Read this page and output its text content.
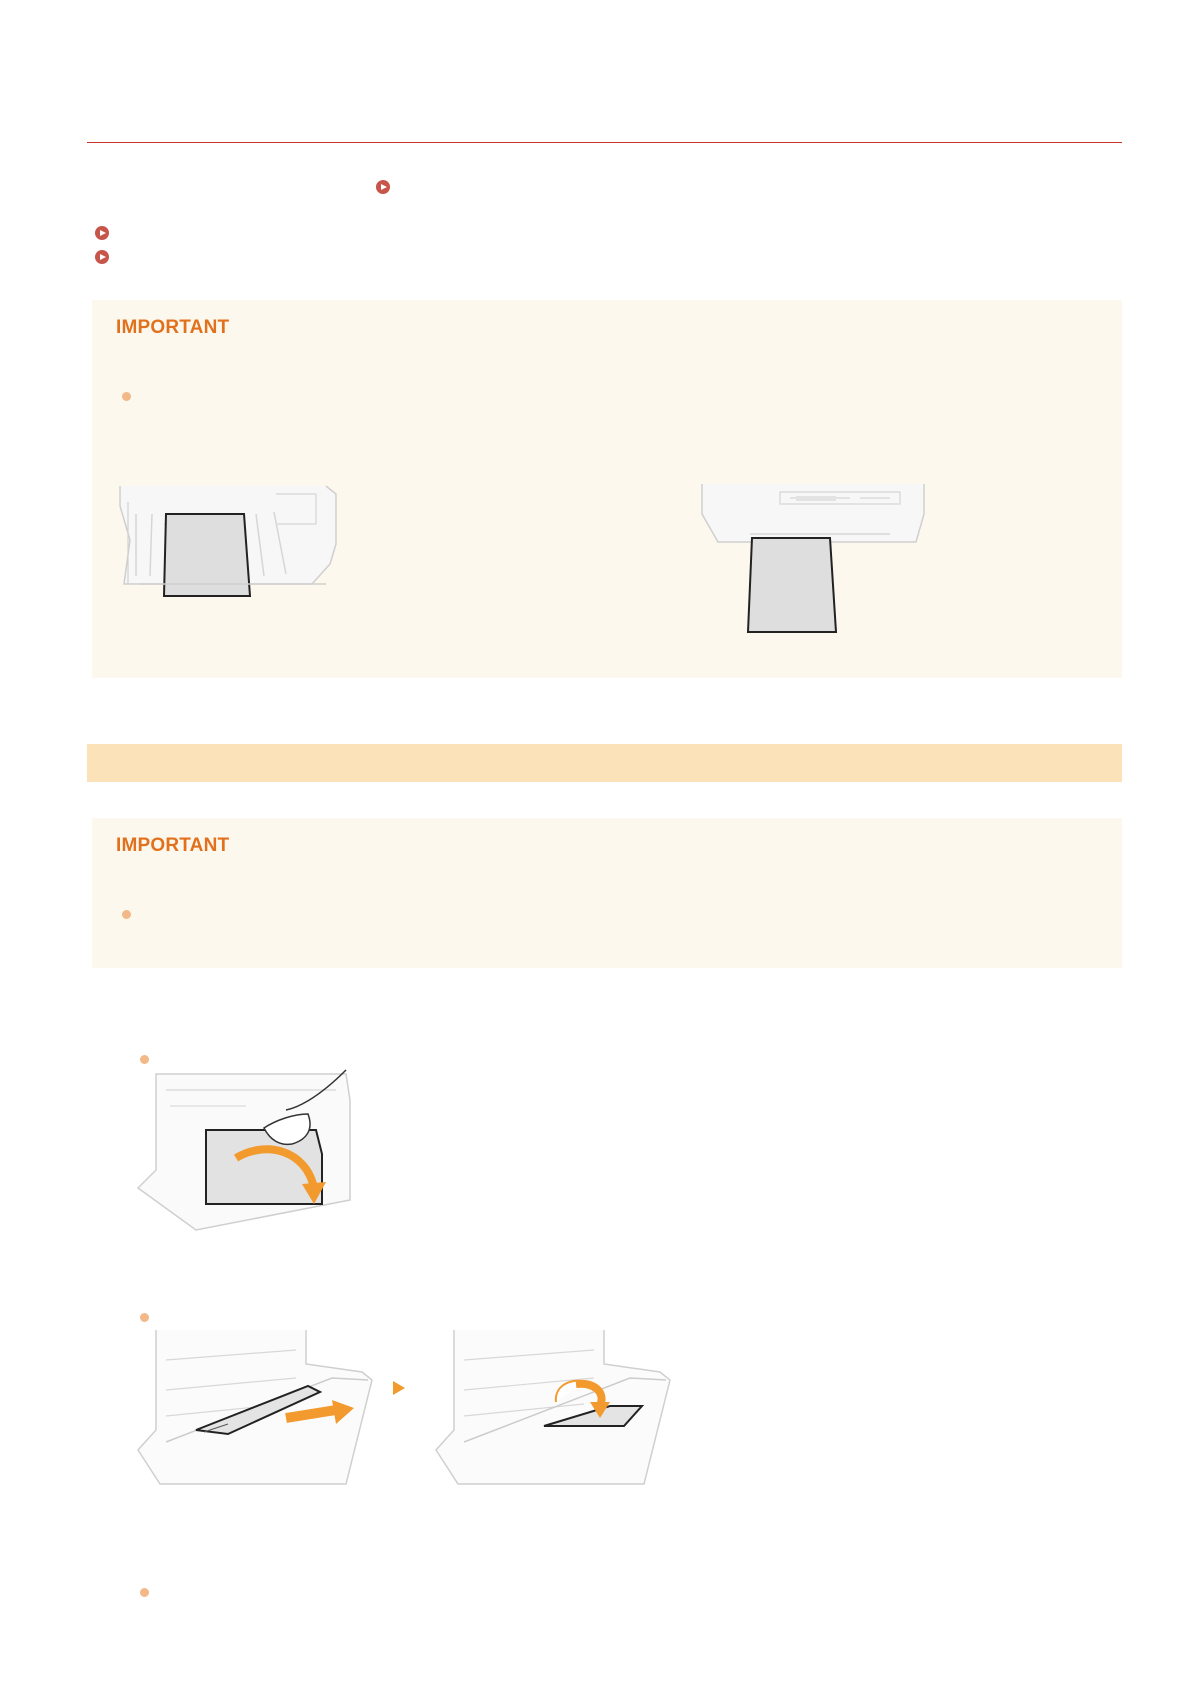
IMPORTANT
IMPORTANT
